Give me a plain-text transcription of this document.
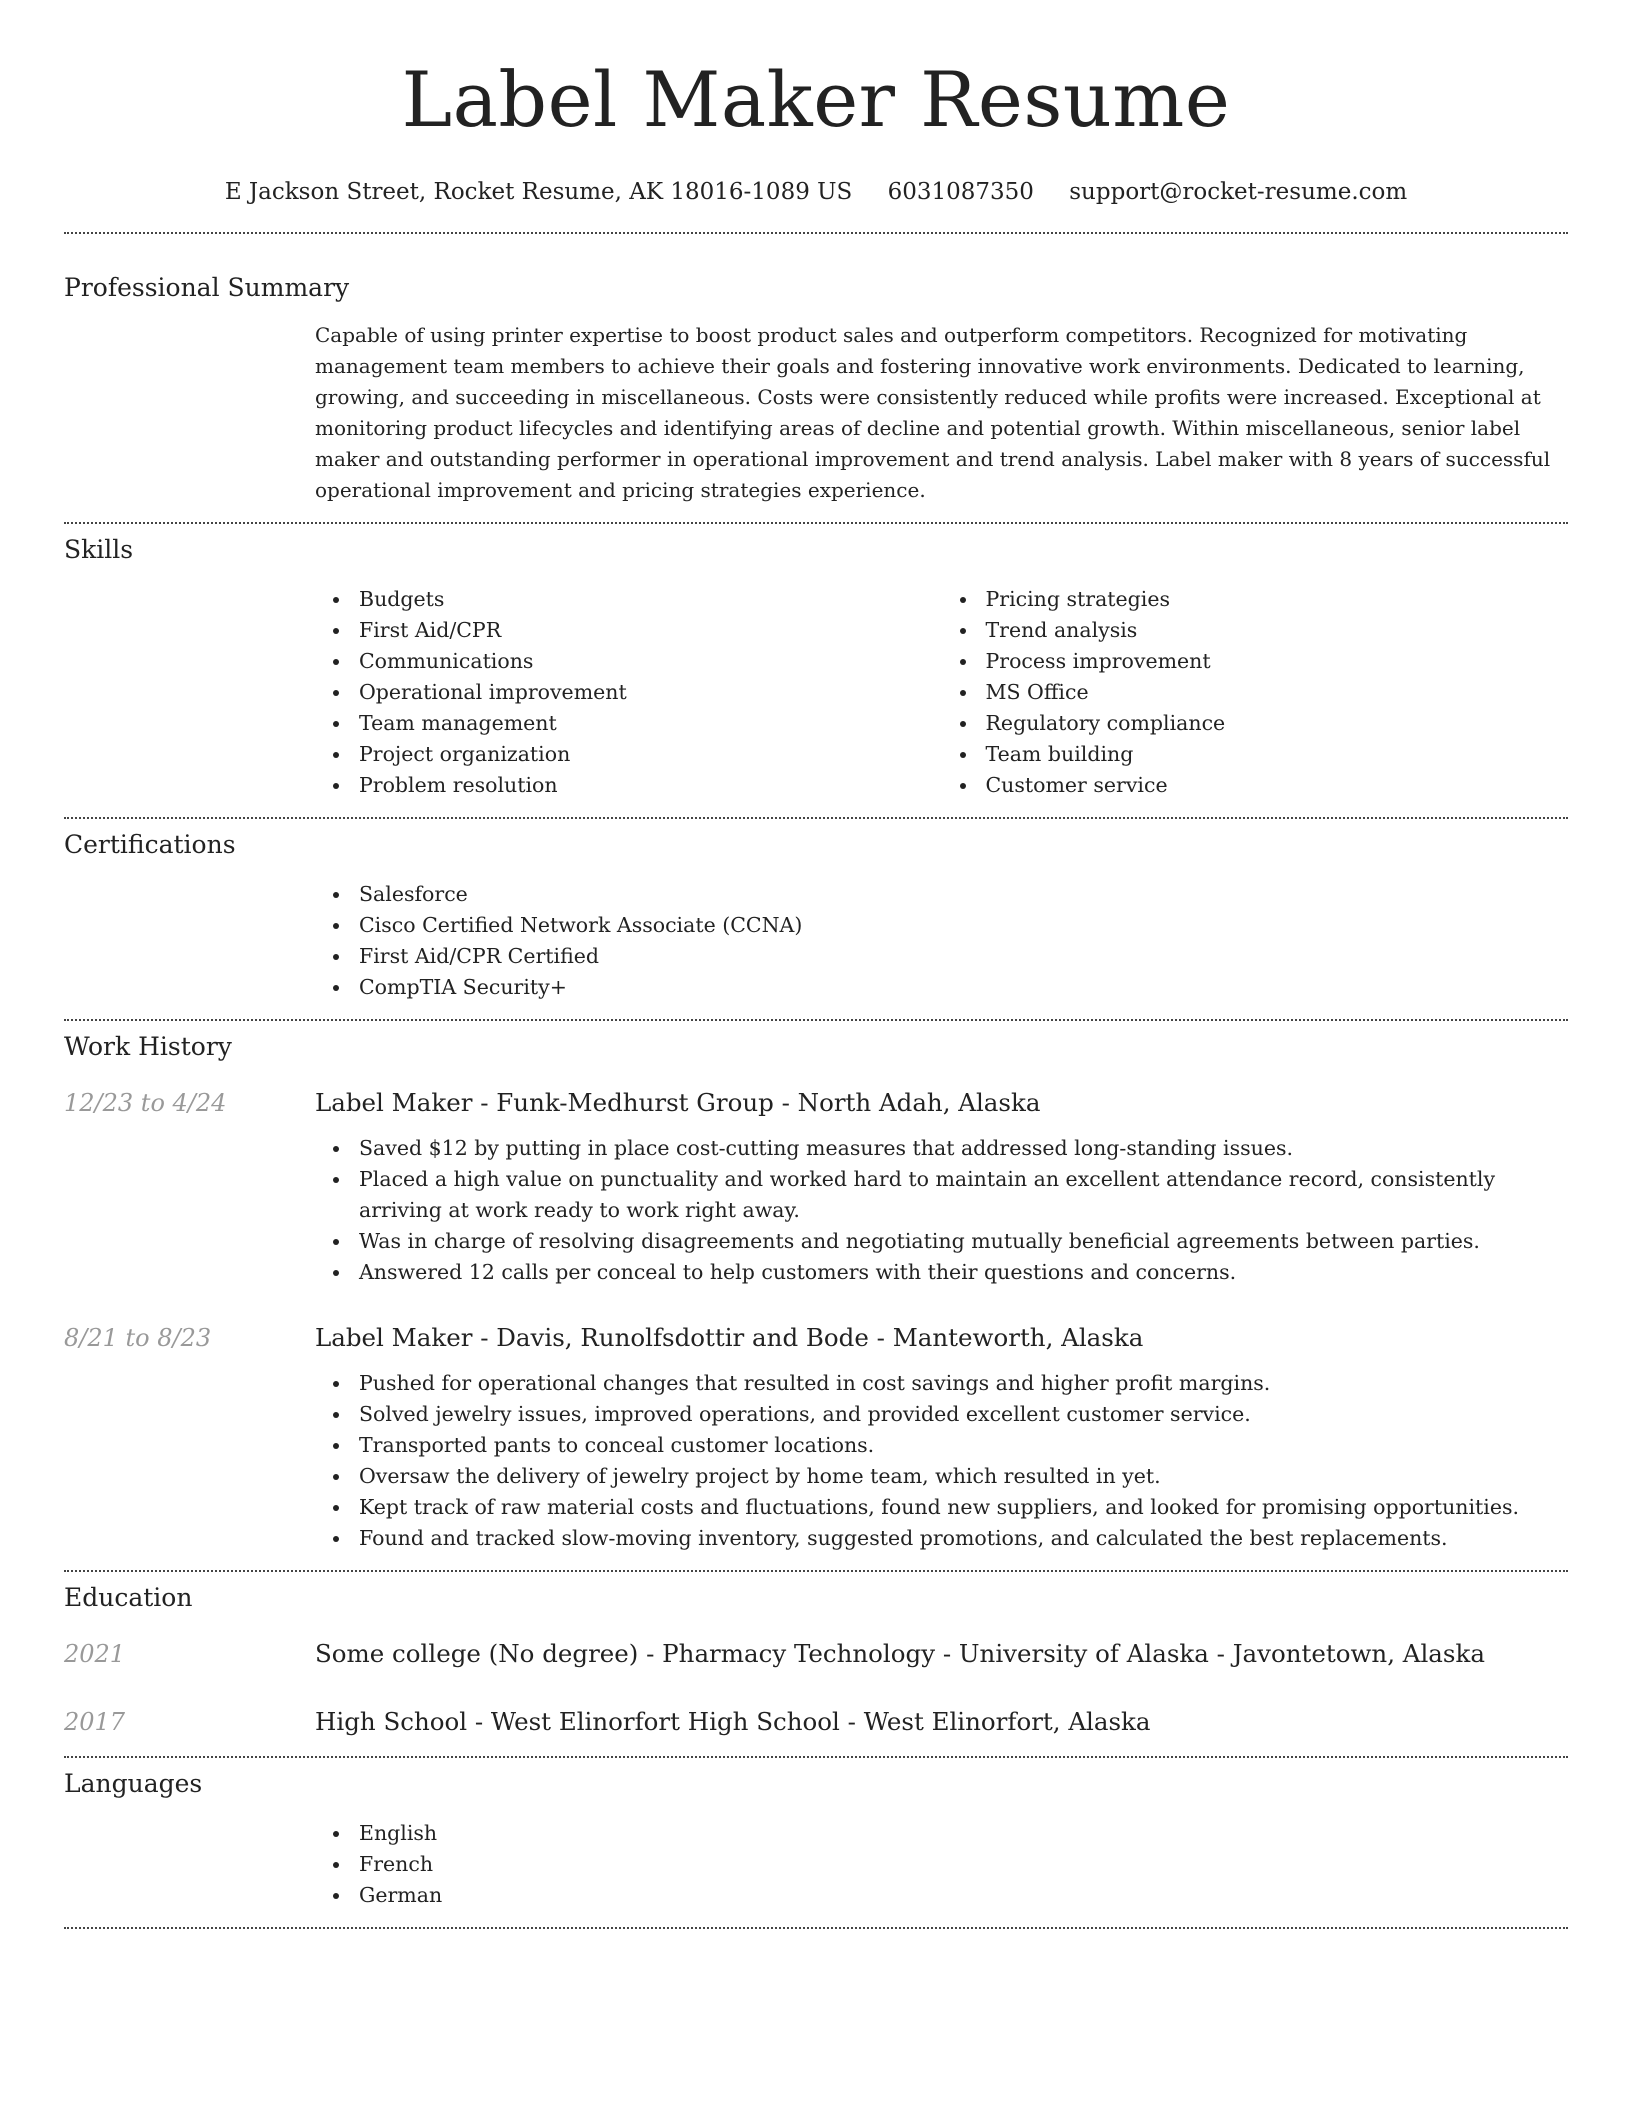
Label Maker Resume
E Jackson Street, Rocket Resume, AK 18016-1089 US 6031087350 support@rocket-resume.com
Professional Summary
Capable of using printer expertise to boost product sales and outperform competitors. Recognized for motivating management team members to achieve their goals and fostering innovative work environments. Dedicated to learning, growing, and succeeding in miscellaneous. Costs were consistently reduced while profits were increased. Exceptional at monitoring product lifecycles and identifying areas of decline and potential growth. Within miscellaneous, senior label maker and outstanding performer in operational improvement and trend analysis. Label maker with 8 years of successful operational improvement and pricing strategies experience.
Skills
Budgets
First Aid/CPR
Communications
Operational improvement
Team management
Project organization
Problem resolution
Pricing strategies
Trend analysis
Process improvement
MS Office
Regulatory compliance
Team building
Customer service
Certifications
Salesforce
Cisco Certified Network Associate (CCNA)
First Aid/CPR Certified
CompTIA Security+
Work History
12/23 to 4/24	Label Maker - Funk-Medhurst Group - North Adah, Alaska
Saved $12 by putting in place cost-cutting measures that addressed long-standing issues.
Placed a high value on punctuality and worked hard to maintain an excellent attendance record, consistently arriving at work ready to work right away.
Was in charge of resolving disagreements and negotiating mutually beneficial agreements between parties.
Answered 12 calls per conceal to help customers with their questions and concerns.
8/21 to 8/23	Label Maker - Davis, Runolfsdottir and Bode - Manteworth, Alaska
Pushed for operational changes that resulted in cost savings and higher profit margins.
Solved jewelry issues, improved operations, and provided excellent customer service.
Transported pants to conceal customer locations.
Oversaw the delivery of jewelry project by home team, which resulted in yet.
Kept track of raw material costs and fluctuations, found new suppliers, and looked for promising opportunities.
Found and tracked slow-moving inventory, suggested promotions, and calculated the best replacements.
Education
2021	Some college (No degree) - Pharmacy Technology - University of Alaska - Javontetown, Alaska
2017	High School - West Elinorfort High School - West Elinorfort, Alaska
Languages
English
French
German
